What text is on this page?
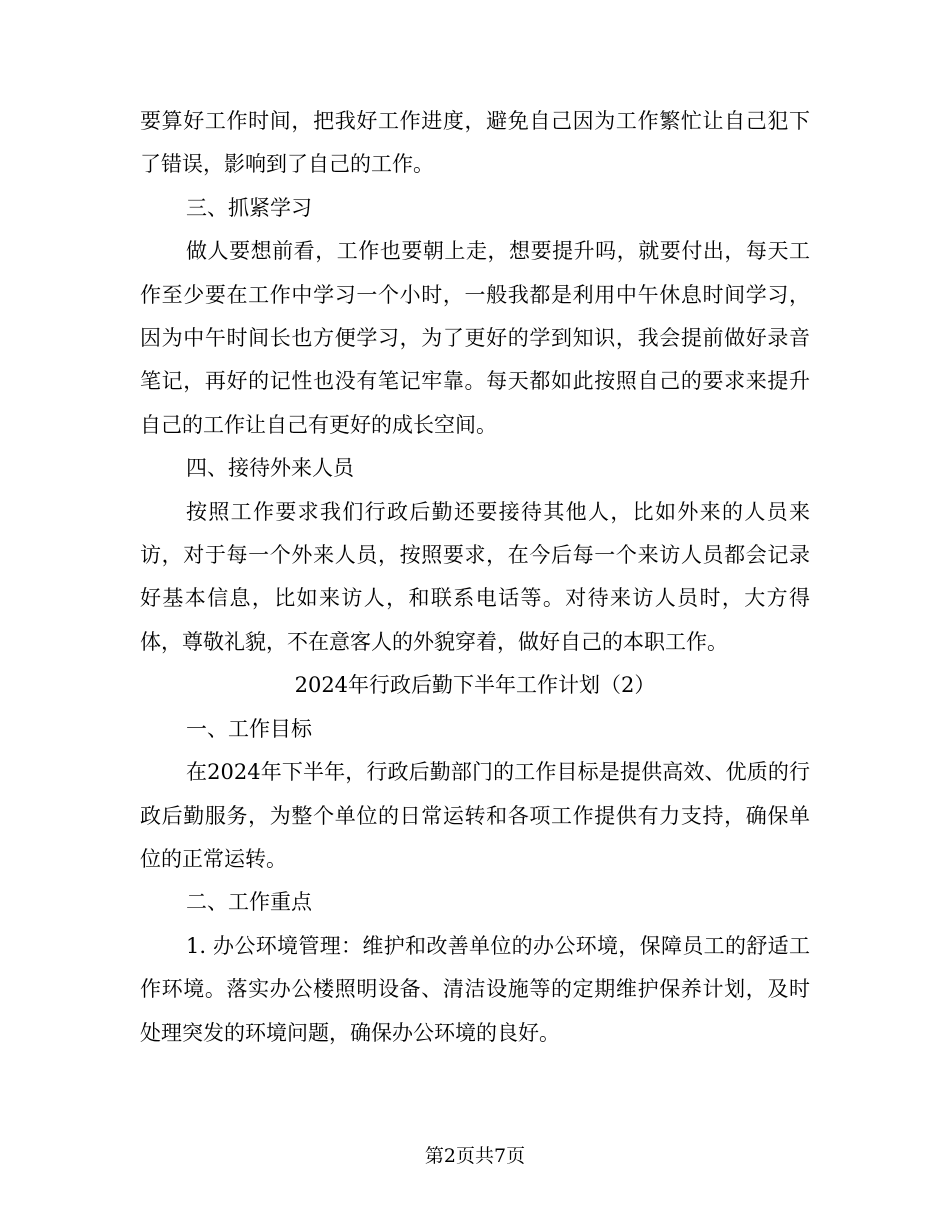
要算好工作时间，把我好工作进度，避免自己因为工作繁忙让自己犯下了错误，影响到了自己的工作。

三、抓紧学习

做人要想前看，工作也要朝上走，想要提升吗，就要付出，每天工作至少要在工作中学习一个小时，一般我都是利用中午休息时间学习，因为中午时间长也方便学习，为了更好的学到知识，我会提前做好录音笔记，再好的记性也没有笔记牢靠。每天都如此按照自己的要求来提升自己的工作让自己有更好的成长空间。

四、接待外来人员

按照工作要求我们行政后勤还要接待其他人，比如外来的人员来访，对于每一个外来人员，按照要求，在今后每一个来访人员都会记录好基本信息，比如来访人，和联系电话等。对待来访人员时，大方得体，尊敬礼貌，不在意客人的外貌穿着，做好自己的本职工作。

2024年行政后勤下半年工作计划（2）

一、工作目标

在2024年下半年，行政后勤部门的工作目标是提供高效、优质的行政后勤服务，为整个单位的日常运转和各项工作提供有力支持，确保单位的正常运转。

二、工作重点

1. 办公环境管理：维护和改善单位的办公环境，保障员工的舒适工作环境。落实办公楼照明设备、清洁设施等的定期维护保养计划，及时处理突发的环境问题，确保办公环境的良好。

第2页共7页
